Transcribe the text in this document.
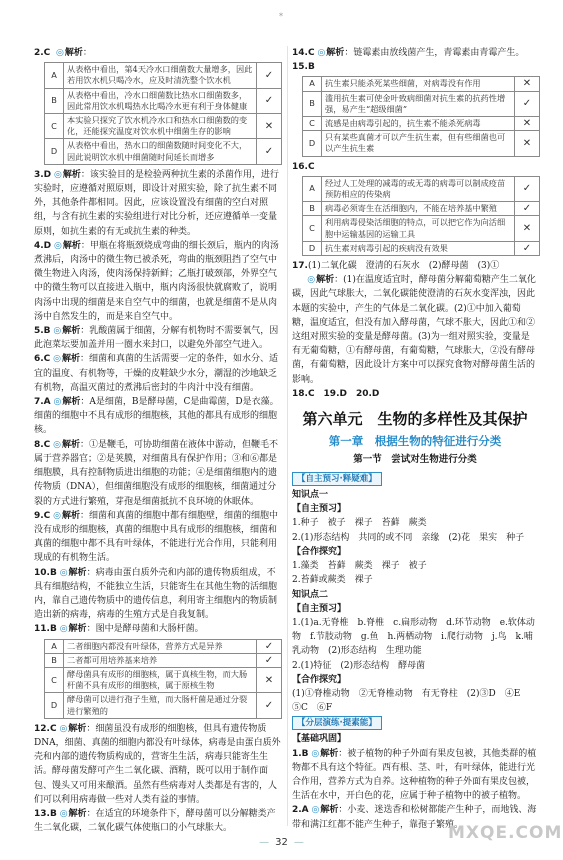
*

2.C ◎ 解析：

A	从表格中看出，第4天冷水口细菌数大量增多，因此若用饮水机只喝冷水，应及时清洗整个饮水机	✓
B	从表格中看出，冷水口细菌数比热水口细菌数多，因此常用饮水机喝热水比喝冷水更有利于身体健康	✓
C	本实验只探究了饮水机冷水口和热水口细菌数的变化，还能探究温度对饮水机中细菌生存的影响	✕
D	从表格中看出，热水口的细菌数随时间变化不大，因此说明饮水机中细菌随时间延长而增多	✓

3.D ◎ 解析：该实验目的是检验两种抗生素的杀菌作用，进行实验时，应遵循对照原则，即设计对照实验，除了抗生素不同外，其他条件都相同。因此，应该设置没有细菌的空白对照组，与含有抗生素的实验组进行对比分析，还应遵循单一变量原则，如抗生素的有无或抗生素的种类。

4.D ◎ 解析：甲瓶在将瓶颈烧成弯曲的细长颈后，瓶内的肉汤煮沸后，肉汤中的微生物已被杀死，弯曲的瓶颈阻挡了空气中微生物进入肉汤，使肉汤保持新鲜；乙瓶打破颈部，外界空气中的微生物可以直接进入瓶中，瓶内肉汤很快就腐败了，说明肉汤中出现的细菌是来自空气中的细菌，也就是细菌不是从肉汤中自然发生的，而是来自空气中。

5.B ◎ 解析：乳酸菌属于细菌，分解有机物时不需要氧气，因此泡菜坛要加盖并用一圈水来封口，以避免外部空气进入。

6.C ◎ 解析：细菌和真菌的生活需要一定的条件，如水分、适宜的温度、有机物等，干燥的皮鞋缺少水分，潮湿的沙地缺乏有机物，高温灭菌过的煮沸后密封的牛肉汁中没有细菌。

7.A ◎ 解析：A是细菌，B是酵母菌，C是曲霉菌，D是衣藻。细菌的细胞中不具有成形的细胞核，其他的都具有成形的细胞核。

8.C ◎ 解析：①是鞭毛，可协助细菌在液体中游动，但鞭毛不属于营养器官；②是荚膜，对细菌具有保护作用；③和⑥都是细胞膜，具有控制物质进出细胞的功能；④是细菌细胞内的遗传物质（DNA），但细菌细胞没有成形的细胞核，细菌通过分裂的方式进行繁殖，芽孢是细菌抵抗不良环境的休眠体。

9.C ◎ 解析：细菌和真菌的细胞中都有细胞壁，细菌的细胞中没有成形的细胞核，真菌的细胞中具有成形的细胞核，细菌和真菌的细胞中都不具有叶绿体，不能进行光合作用，只能利用现成的有机物生活。

10.B ◎ 解析：病毒由蛋白质外壳和内部的遗传物质组成，不具有细胞结构，不能独立生活，只能寄生在其他生物的活细胞内，靠自己遗传物质中的遗传信息，利用寄主细胞内的物质制造出新的病毒，病毒的生殖方式是自我复制。

11.B ◎ 解析：图中是酵母菌和大肠杆菌。

A	二者细胞内都没有叶绿体，营养方式是异养	✓
B	二者都可用培养基来培养	✓
C	酵母菌具有成形的细胞核，属于真核生物，而大肠杆菌不具有成形的细胞核，属于原核生物	✕
D	酵母菌可以进行孢子生殖，而大肠杆菌是通过分裂进行繁殖的	✓

12.C ◎ 解析：细菌虽没有成形的细胞核，但具有遗传物质DNA，细菌、真菌的细胞内都没有叶绿体，病毒是由蛋白质外壳和内部的遗传物质构成的，营寄生生活，病毒只能寄生生活。酵母菌发酵可产生二氧化碳、酒精，既可以用于制作面包、馒头又可用来酿酒。虽然有些病毒对人类都是有害的，人们可以利用病毒做一些对人类有益的事情。

13.B ◎ 解析：在适宜的环境条件下，酵母菌可以分解糖类产生二氧化碳，二氧化碳气体使瓶口的小气球胀大。

14.C ◎ 解析：链霉素由放线菌产生，青霉素由青霉产生。

15.B

A	抗生素只能杀死某些细菌，对病毒没有作用	✕
B	滥用抗生素可使金叶致病细菌对抗生素的抗药性增强，易产生“超级细菌”	✓
C	流感是由病毒引起的，抗生素不能杀死病毒	✕
D	只有某些真菌才可以产生抗生素，但有些细菌也可以产生抗生素	✕

16.C

A	经过人工处理的减毒的或无毒的病毒可以制成疫苗预防相应的传染病	✓
B	病毒必须寄生在活细胞内，不能在培养基中繁殖	✓
C	利用病毒侵染活细胞的特点，可以把它作为向活细胞中运输基因的运输工具	✕
D	抗生素对病毒引起的疾病没有效果	✓

17.(1)二氧化碳　澄清的石灰水　(2)酵母菌　(3)①

◎ 解析：(1)在温度适宜时，酵母菌分解葡萄糖产生二氧化碳，因此气球胀大，二氧化碳能使澄清的石灰水变浑浊，因此本题的实验中，产生的气体是二氧化碳。(2)①中加入葡萄糖，温度适宜，但没有加入酵母菌，气球不胀大，因此①和②这组对照实验的变量是酵母菌。(3)为一组对照实验，变量是有无葡萄糖，①有酵母菌，有葡萄糖，气球胀大，②没有酵母菌，有葡萄糖，因此设计方案中可以探究食物对酵母菌生活的影响。

18.C　19.D　20.D

第六单元　生物的多样性及其保护
第一章　根据生物的特征进行分类
第一节　尝试对生物进行分类
【自主预习·释疑难】

知识点一

【自主预习】

1.种子　被子　裸子　苔藓　蕨类

2.(1)形态结构　共同的或不同　亲缘　(2)花　果实　种子

【合作探究】

1.藻类　苔藓　蕨类　裸子　被子

2.苔藓或蕨类　裸子

知识点二

【自主预习】

1.(1)a.无脊椎　b.脊椎　c.扁形动物　d.环节动物　e.软体动物　f.节肢动物　g.鱼　h.两栖动物　i.爬行动物　j.鸟　k.哺乳动物　(2)形态结构　生理功能

2.(1)特征　(2)形态结构　酵母菌

【合作探究】

(1)①脊椎动物　②无脊椎动物　有无脊柱　(2)③D　④E　⑤C　⑥F

【分层演练·提素能】

【基础巩固】

1.B ◎ 解析：被子植物的种子外面有果皮包被，其他类群的植物都不具有这个特征。西有根、茎、叶，有叶绿体，能进行光合作用，营养方式为自养。这种植物的种子外面有果皮包被，生活在水中，开白色的花，应属于种子植物中的被子植物。

2.A ◎ 解析：小麦、迷迭香和松树都能产生种子，而地钱、海带和满江红都不能产生种子，靠孢子繁殖。

— 32 —	MXQE.COM
